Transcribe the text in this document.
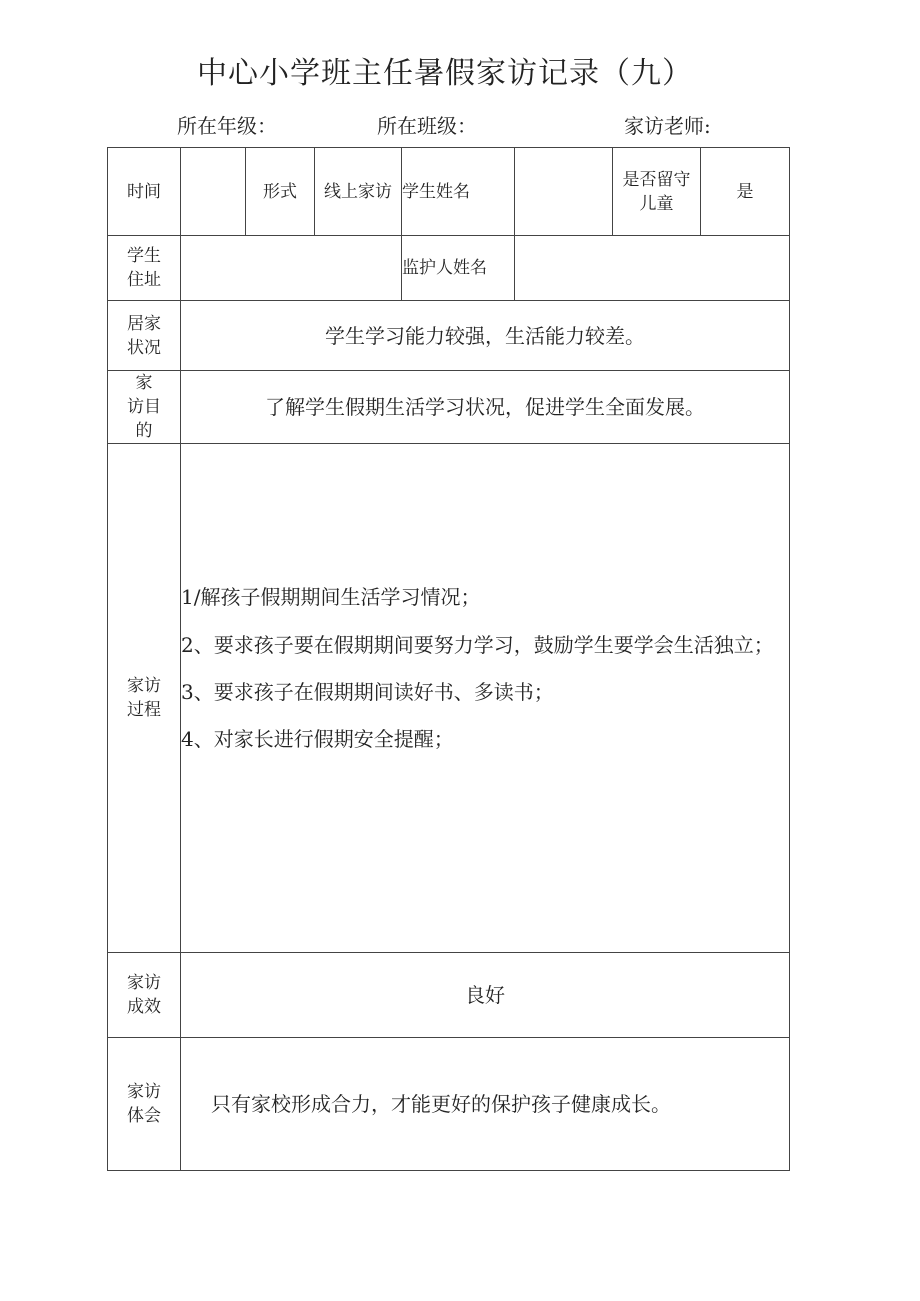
中心小学班主任暑假家访记录（九）
所在年级：	所在班级：	家访老师:
时间		形式	线上家访	学生姓名		是否留守儿童	是
学生住址				监护人姓名			
居家状况	学生学习能力较强，生活能力较差。						
家　访目的	了解学生假期生活学习状况，促进学生全面发展。						
家访过程	1/解孩子假期期间生活学习情况；

2、要求孩子要在假期期间要努力学习，鼓励学生要学会生活独立；

3、要求孩子在假期期间读好书、多读书；

4、对家长进行假期安全提醒；						

家访成效	良好						
家访体会	只有家校形成合力，才能更好的保护孩子健康成长。						
